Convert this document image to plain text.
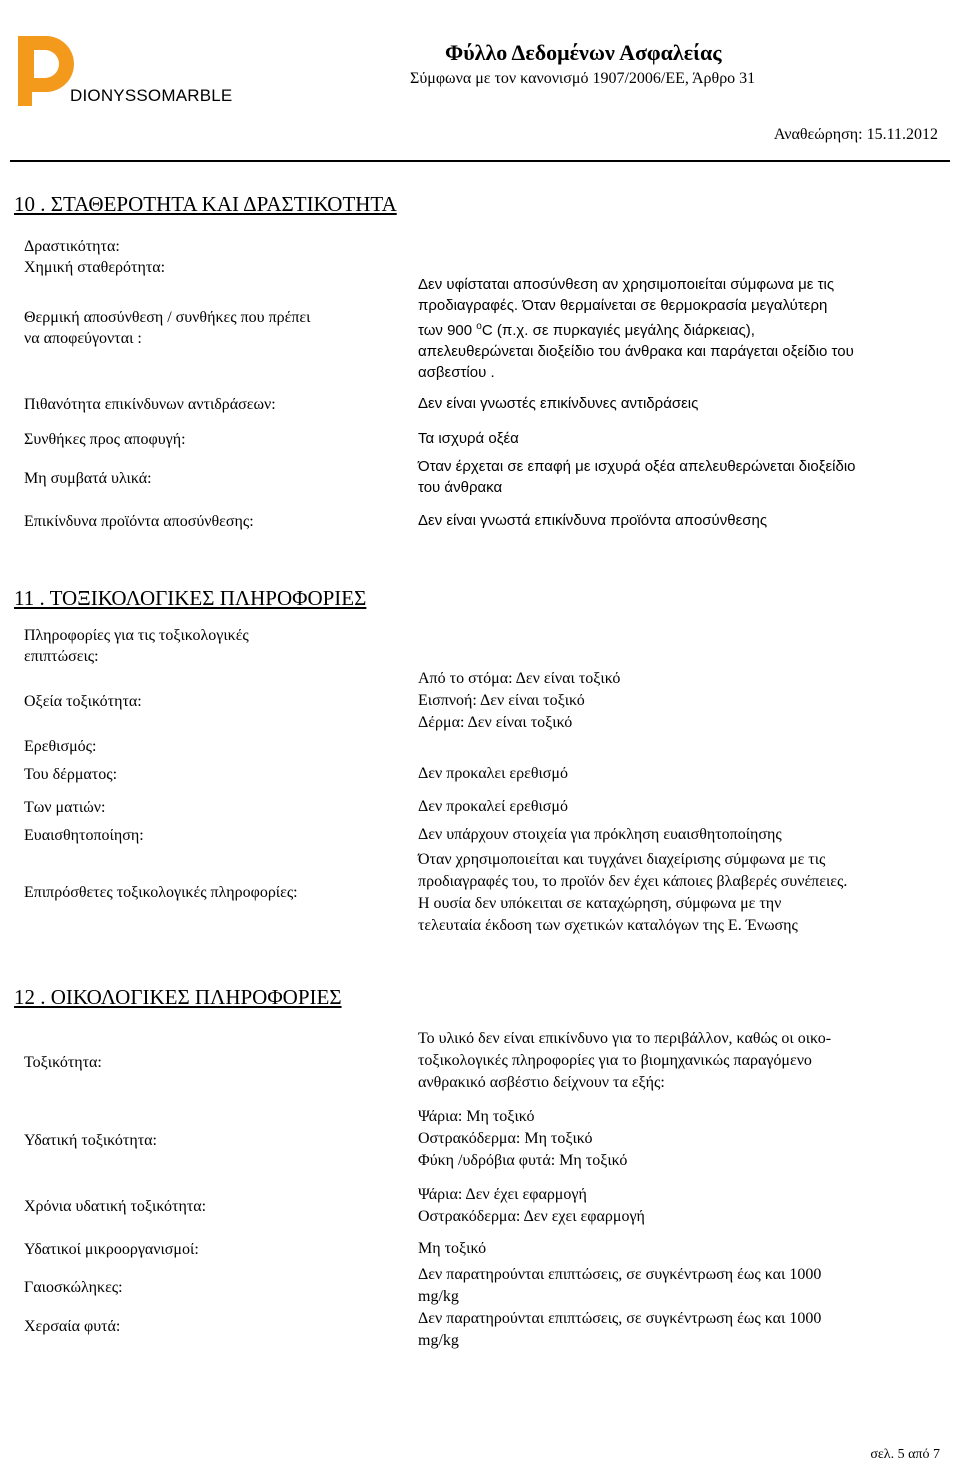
DIONYSSOMARBLE
Φύλλο Δεδομένων Ασφαλείας
Σύμφωνα με τον κανονισμό 1907/2006/ΕΕ, Άρθρο 31
Αναθεώρηση: 15.11.2012
10 . ΣΤΑΘΕΡΟΤΗΤΑ ΚΑΙ ΔΡΑΣΤΙΚΟΤΗΤΑ
Δραστικότητα:
Χημική σταθερότητα:
Θερμική αποσύνθεση / συνθήκες που πρέπει
να αποφεύγονται :
Δεν υφίσταται αποσύνθεση αν χρησιμοποιείται σύμφωνα με τις
προδιαγραφές. Όταν θερμαίνεται σε θερμοκρασία μεγαλύτερη
των 900 $^o$C (π.χ. σε πυρκαγιές μεγάλης διάρκειας),
απελευθερώνεται διοξείδιο του άνθρακα και παράγεται οξείδιο του
ασβεστίου .
Πιθανότητα επικίνδυνων αντιδράσεων:	Δεν είναι γνωστές επικίνδυνες αντιδράσεις
Συνθήκες προς αποφυγή:	Τα ισχυρά οξέα
Μη συμβατά υλικά:
Όταν έρχεται σε επαφή με ισχυρά οξέα απελευθερώνεται διοξείδιο
του άνθρακα
Επικίνδυνα προϊόντα αποσύνθεσης:	Δεν είναι γνωστά επικίνδυνα προϊόντα αποσύνθεσης
11 . ΤΟΞΙΚΟΛΟΓΙΚΕΣ ΠΛΗΡΟΦΟΡΙΕΣ
Πληροφορίες για τις τοξικολογικές
επιπτώσεις:
Οξεία τοξικότητα:
Από το στόμα: Δεν είναι τοξικό
Εισπνοή: Δεν είναι τοξικό
Δέρμα: Δεν είναι τοξικό
Ερεθισμός:
Του δέρματος:	Δεν προκαλει ερεθισμό
Των ματιών:	Δεν προκαλεί ερεθισμό
Ευαισθητοποίηση:	Δεν υπάρχουν στοιχεία για πρόκληση ευαισθητοποίησης
Επιπρόσθετες τοξικολογικές πληροφορίες:
Όταν χρησιμοποιείται και τυγχάνει διαχείρισης σύμφωνα με τις
προδιαγραφές του, το προϊόν δεν έχει κάποιες βλαβερές συνέπειες.
Η ουσία δεν υπόκειται σε καταχώρηση, σύμφωνα με την
τελευταία έκδοση των σχετικών καταλόγων της Ε. Ένωσης
12 . ΟΙΚΟΛΟΓΙΚΕΣ ΠΛΗΡΟΦΟΡΙΕΣ
Τοξικότητα:
Το υλικό δεν είναι επικίνδυνο για το περιβάλλον, καθώς οι οικο-
τοξικολογικές πληροφορίες για το βιομηχανικώς παραγόμενο
ανθρακικό ασβέστιο δείχνουν τα εξής:
Υδατική τοξικότητα:
Ψάρια: Μη τοξικό
Οστρακόδερμα: Μη τοξικό
Φύκη /υδρόβια φυτά: Μη τοξικό
Χρόνια υδατική τοξικότητα:
Ψάρια: Δεν έχει εφαρμογή
Οστρακόδερμα: Δεν εχει εφαρμογή
Υδατικοί μικροοργανισμοί:	Μη τοξικό
Γαιοσκώληκες:
Δεν παρατηρούνται επιπτώσεις, σε συγκέντρωση έως και 1000
mg/kg
Χερσαία φυτά:	Δεν παρατηρούνται επιπτώσεις, σε συγκέντρωση έως και 1000
mg/kg
σελ. 5 από 7
